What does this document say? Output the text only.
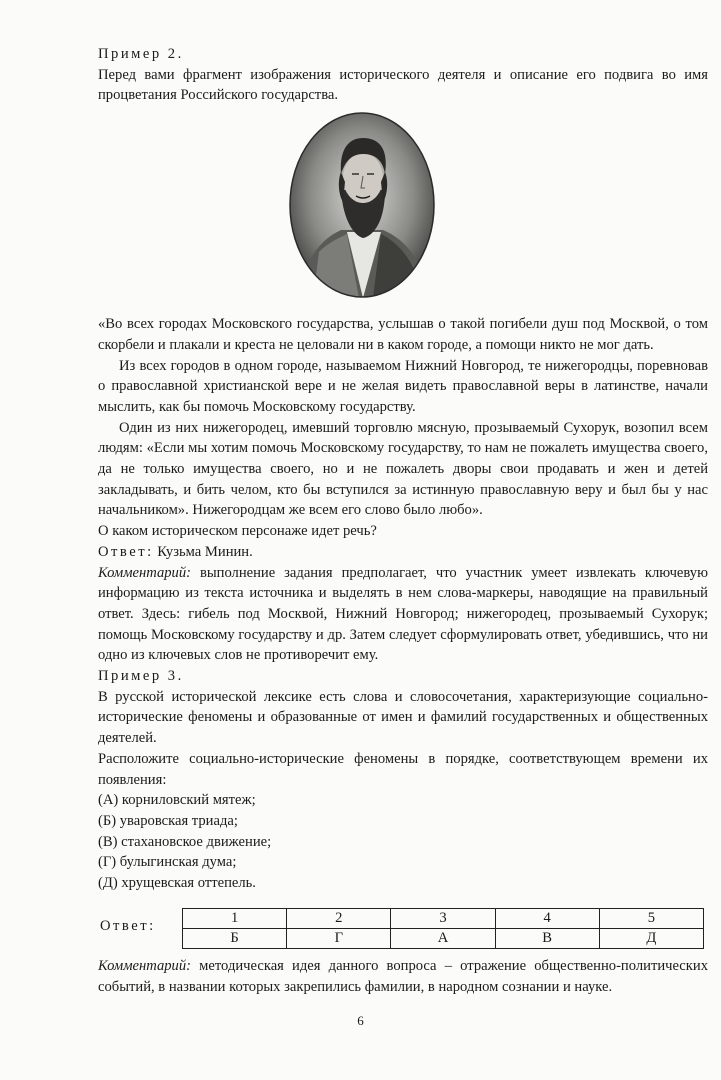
Пример 2.

Перед вами фрагмент изображения исторического деятеля и описание его подвига во имя процветания Российского государства.

«Во всех городах Московского государства, услышав о такой погибели душ под Москвой, о том скорбели и плакали и креста не целовали ни в каком городе, а помощи никто не мог дать.

Из всех городов в одном городе, называемом Нижний Новгород, те нижегородцы, поревновав о православной христианской вере и не желая видеть православной веры в латинстве, начали мыслить, как бы помочь Московскому государству.

Один из них нижегородец, имевший торговлю мясную, прозываемый Сухорук, возопил всем людям: «Если мы хотим помочь Московскому государству, то нам не пожалеть имущества своего, да не только имущества своего, но и не пожалеть дворы свои продавать и жен и детей закладывать, и бить челом, кто бы вступился за истинную православную веру и был бы у нас начальником». Нижегородцам же всем его слово было любо».

О каком историческом персонаже идет речь?

Ответ: Кузьма Минин.

Комментарий: выполнение задания предполагает, что участник умеет извлекать ключевую информацию из текста источника и выделять в нем слова-маркеры, наводящие на правильный ответ. Здесь: гибель под Москвой, Нижний Новгород; нижегородец, прозываемый Сухорук; помощь Московскому государству и др. Затем следует сформулировать ответ, убедившись, что ни одно из ключевых слов не противоречит ему.

Пример 3.

В русской исторической лексике есть слова и словосочетания, характеризующие социально-исторические феномены и образованные от имен и фамилий государственных и общественных деятелей.

Расположите социально-исторические феномены в порядке, соответствующем времени их появления:

(А) корниловский мятеж;

(Б) уваровская триада;

(В) стахановское движение;

(Г) булыгинская дума;

(Д) хрущевская оттепель.

Ответ:	1	2	3	4	5
Б	Г	А	В	Д

Комментарий: методическая идея данного вопроса – отражение общественно-политических событий, в названии которых закрепились фамилии, в народном сознании и науке.

6
